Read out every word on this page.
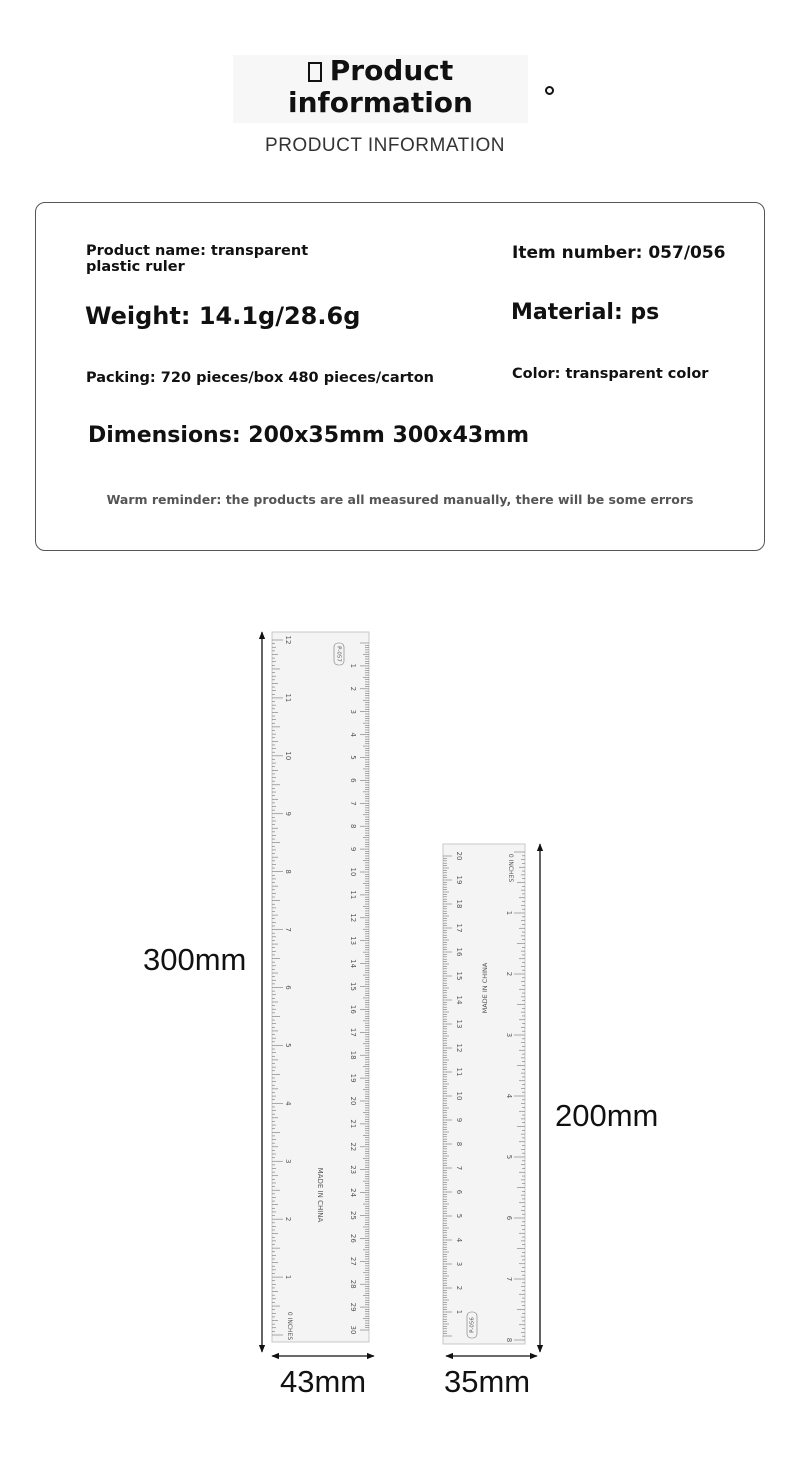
Product information
PRODUCT INFORMATION
Product name: transparent plastic ruler
Item number: 057/056
Weight: 14.1g/28.6g	Material: ps
Packing: 720 pieces/box 480 pieces/carton	Color: transparent color
Dimensions: 200x35mm 300x43mm
Warm reminder: the products are all measured manually, there will be some errors
1
2
3
4
5
6
7
8
9
10
11
12
13
14
15
16
17
18
19
20
21
22
23
24
25
26
27
28
29
30
1
2
3
4
5
6
7
8
9
10
11
12
MADE IN CHINA
0 INCHES
P-057
1
2
3
4
5
6
7
8
9
10
11
12
13
14
15
16
17
18
19
20
1
2
3
4
5
6
7
8
MADE IN CHINA
0 INCHES
P-056
300mm
43mm
200mm
35mm
